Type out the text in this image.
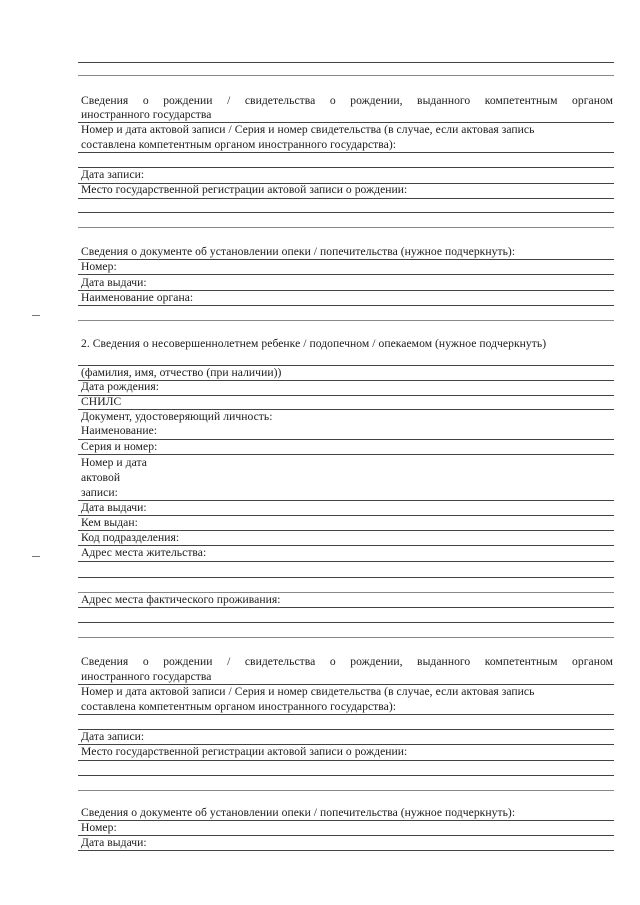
Сведения о рождении / свидетельства о рождении, выданного компетентным органом
иностранного государства
Номер и дата актовой записи / Серия и номер свидетельства (в случае, если актовая запись
составлена компетентным органом иностранного государства):
Дата записи:
Место государственной регистрации актовой записи о рождении:
Сведения о документе об установлении опеки / попечительства (нужное подчеркнуть):
Номер:
Дата выдачи:
Наименование органа:
2. Сведения о несовершеннолетнем ребенке / подопечном / опекаемом (нужное подчеркнуть)
(фамилия, имя, отчество (при наличии))
Дата рождения:
СНИЛС
Документ, удостоверяющий личность:
Наименование:
Серия и номер:
Номер и дата
актовой
записи:
Дата выдачи:
Кем выдан:
Код подразделения:
Адрес места жительства:
Адрес места фактического проживания:
Сведения о рождении / свидетельства о рождении, выданного компетентным органом
иностранного государства
Номер и дата актовой записи / Серия и номер свидетельства (в случае, если актовая запись
составлена компетентным органом иностранного государства):
Дата записи:
Место государственной регистрации актовой записи о рождении:
Сведения о документе об установлении опеки / попечительства (нужное подчеркнуть):
Номер:
Дата выдачи:
